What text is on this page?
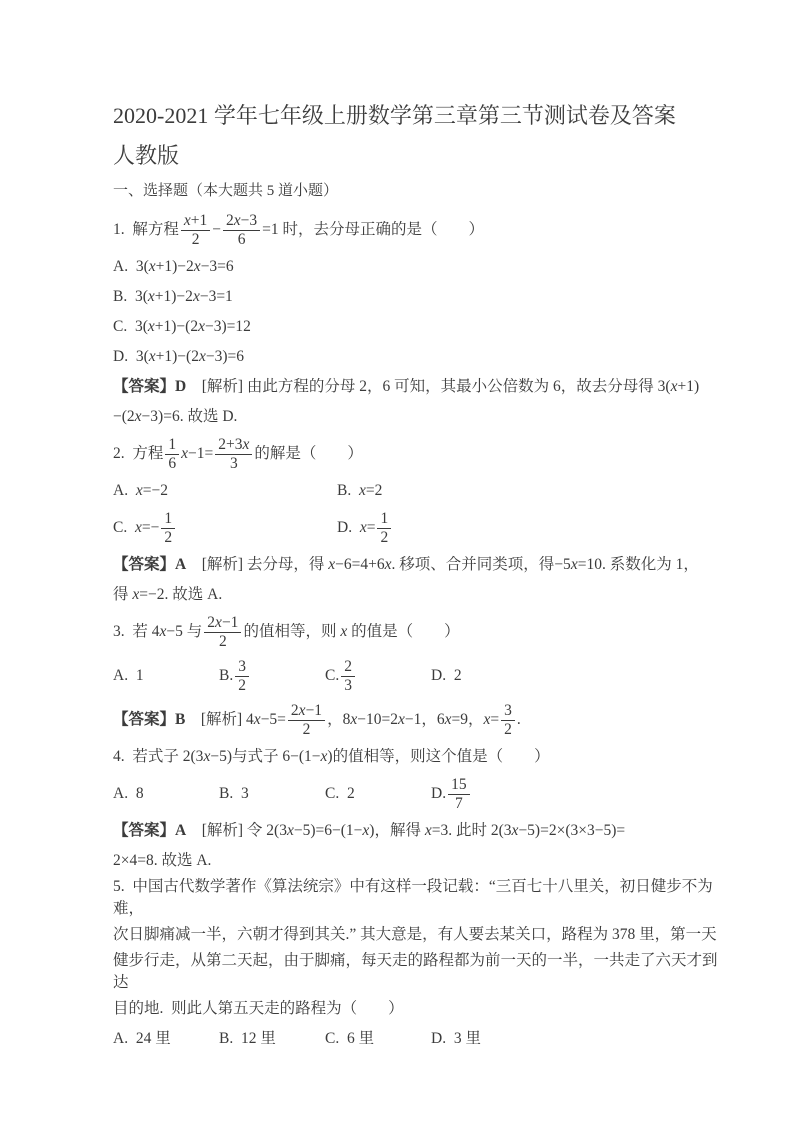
2020-2021 学年七年级上册数学第三章第三节测试卷及答案
人教版
一、选择题（本大题共 5 道小题）
1.  解方程 $\frac{x+1}{2} - \frac{2x-3}{6} =1$ 时，去分母正确的是（　　）
A. 3(x+1)−2x−3=6
B. 3(x+1)−2x−3=1
C. 3(x+1)−(2x−3)=12
D. 3(x+1)−(2x−3)=6
【答案】D 　[解析] 由此方程的分母 2，6 可知，其最小公倍数为 6，故去分母得 3(x+1)
−(2x−3)=6. 故选 D.
2.  方程 $\frac{1}{6} x-1= \frac{2+3x}{3}$ 的解是（　　）
A. x=−2	B. x=2
C. $x=- \frac{1}{2}$	D. $x= \frac{1}{2}$
【答案】A 　[解析] 去分母，得 x−6=4+6x. 移项、合并同类项，得 −5x=10. 系数化为 1，
得 x=−2. 故选 A.
3.  若 4x−5 与 $\frac{2x-1}{2}$ 的值相等，则 x 的值是（　　）
A.  1	B. $\frac{3}{2}$	C. $\frac{2}{3}$	D.  2
【答案】B 　[解析] $4x-5= \frac{2x-1}{2}$ ， 8x−10=2x−1 ， 6x=9 ， $x= \frac{3}{2}$ .
4.  若式子 2(3x−5) 与式子 6−(1−x) 的值相等，则这个值是（　　）
A.  8	B.  3	C.  2	D. $\frac{15}{7}$
【答案】A 　[解析] 令 2(3x−5)=6−(1−x) ，解得 x=3. 此时 2(3x−5)=2×(3×3−5)=
2×4=8. 故选 A.
5.  中国古代数学著作《算法统宗》中有这样一段记载：“三百七十八里关，初日健步不为难，
次日脚痛减一半，六朝才得到其关.” 其大意是，有人要去某关口，路程为 378 里，第一天
健步行走，从第二天起，由于脚痛，每天走的路程都为前一天的一半，一共走了六天才到达
目的地.  则此人第五天走的路程为（　　）
A.  24 里	B.  12 里	C.  6 里	D.  3 里
